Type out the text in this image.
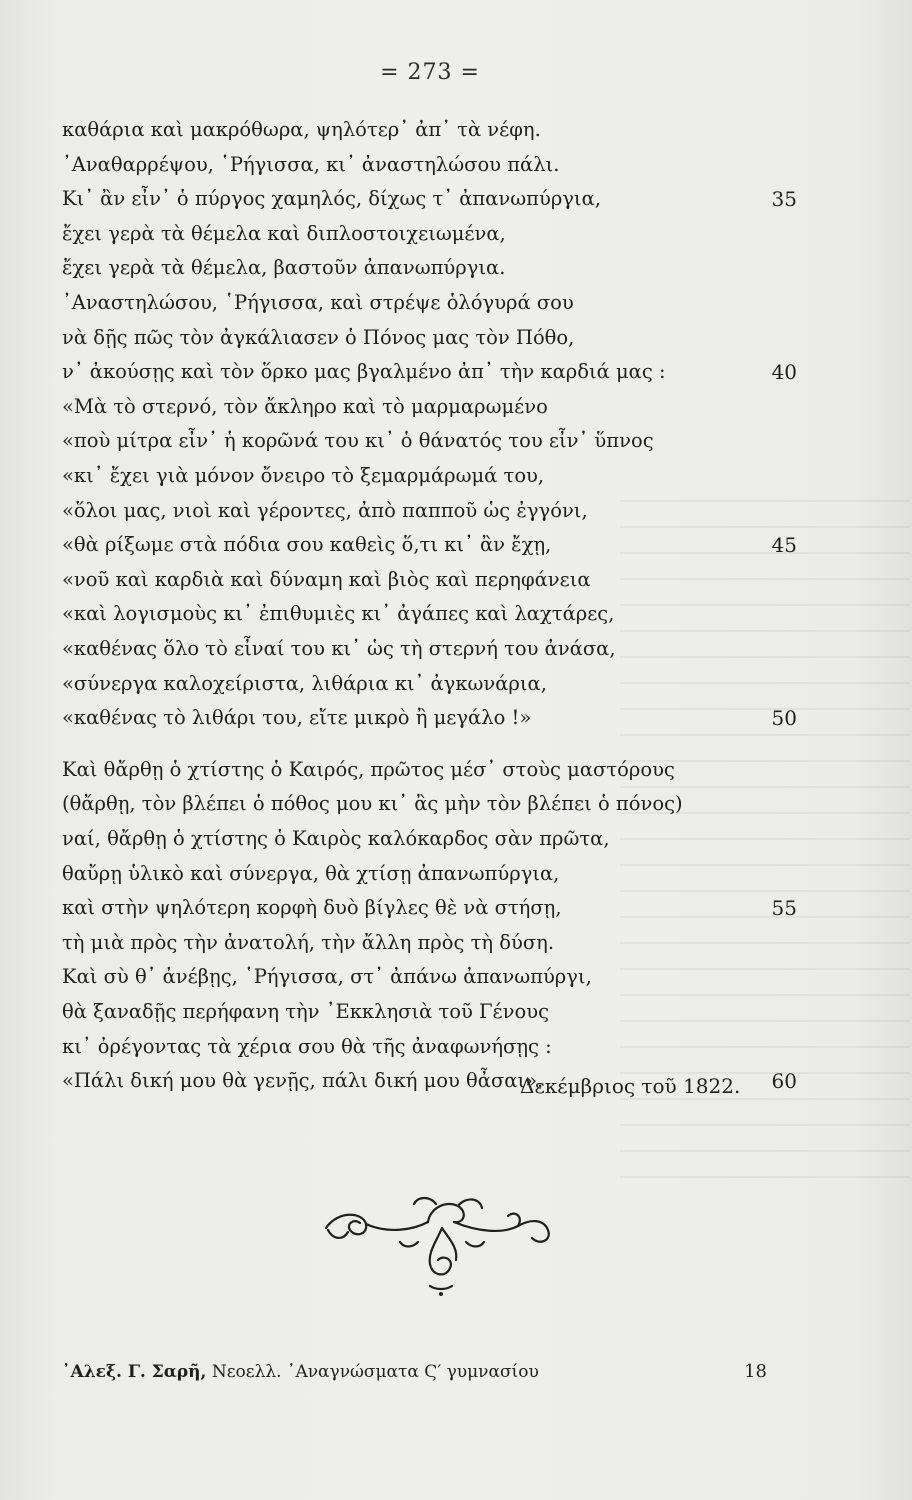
= 273 =
καθάρια καὶ μακρόθωρα, ψηλότερ᾽ ἀπ᾽ τὰ νέφη.
᾽Αναθαρρέψου, ῾Ρήγισσα, κι᾽ ἀναστηλώσου πάλι.
Κι᾽ ἂν εἶν᾽ ὁ πύργος χαμηλός, δίχως τ᾽ ἀπανωπύργια,	35
ἔχει γερὰ τὰ θέμελα καὶ διπλοστοιχειωμένα,
ἔχει γερὰ τὰ θέμελα, βαστοῦν ἀπανωπύργια.
᾽Αναστηλώσου, ῾Ρήγισσα, καὶ στρέψε ὁλόγυρά σου
νὰ δῇς πῶς τὸν ἀγκάλιασεν ὁ Πόνος μας τὸν Πόθο,
ν᾽ ἀκούσῃς καὶ τὸν ὅρκο μας βγαλμένο ἀπ᾽ τὴν καρδιά μας :	40
«Μὰ τὸ στερνό, τὸν ἄκληρο καὶ τὸ μαρμαρωμένο
«ποὺ μίτρα εἶν᾽ ἡ κορῶνά του κι᾽ ὁ θάνατός του εἶν᾽ ὕπνος
«κι᾽ ἔχει γιὰ μόνον ὄνειρο τὸ ξεμαρμάρωμά του,
«ὅλοι μας, νιοὶ καὶ γέροντες, ἀπὸ παπποῦ ὡς ἐγγόνι,
«θὰ ρίξωμε στὰ πόδια σου καθεὶς ὅ,τι κι᾽ ἂν ἔχῃ,	45
«νοῦ καὶ καρδιὰ καὶ δύναμη καὶ βιὸς καὶ περηφάνεια
«καὶ λογισμοὺς κι᾽ ἐπιθυμιὲς κι᾽ ἀγάπες καὶ λαχτάρες,
«καθένας ὅλο τὸ εἶναί του κι᾽ ὡς τὴ στερνή του ἀνάσα,
«σύνεργα καλοχείριστα, λιθάρια κι᾽ ἀγκωνάρια,
«καθένας τὸ λιθάρι του, εἴτε μικρὸ ἢ μεγάλο !»	50
Καὶ θἄρθῃ ὁ χτίστης ὁ Καιρός, πρῶτος μέσ᾽ στοὺς μαστόρους
(θἄρθῃ, τὸν βλέπει ὁ πόθος μου κι᾽ ἂς μὴν τὸν βλέπει ὁ πόνος)
ναί, θἄρθῃ ὁ χτίστης ὁ Καιρὸς καλόκαρδος σὰν πρῶτα,
θαὔρῃ ὑλικὸ καὶ σύνεργα, θὰ χτίσῃ ἀπανωπύργια,
καὶ στὴν ψηλότερη κορφὴ δυὸ βίγλες θὲ νὰ στήσῃ,	55
τὴ μιὰ πρὸς τὴν ἀνατολή, τὴν ἄλλη πρὸς τὴ δύση.
Καὶ σὺ θ᾽ ἀνέβῃς, ῾Ρήγισσα, στ᾽ ἀπάνω ἀπανωπύργι,
θὰ ξαναδῇς περήφανη τὴν ᾽Εκκλησιὰ τοῦ Γένους
κι᾽ ὀρέγοντας τὰ χέρια σου θὰ τῆς ἀναφωνήσῃς :
«Πάλι δική μου θὰ γενῇς, πάλι δική μου θἆσαι».	60
Δεκέμβριος τοῦ 1822.
᾽Αλεξ. Γ. Σαρῆ, Νεοελλ. ᾽Αναγνώσματα Ϛ′ γυμνασίου	18
